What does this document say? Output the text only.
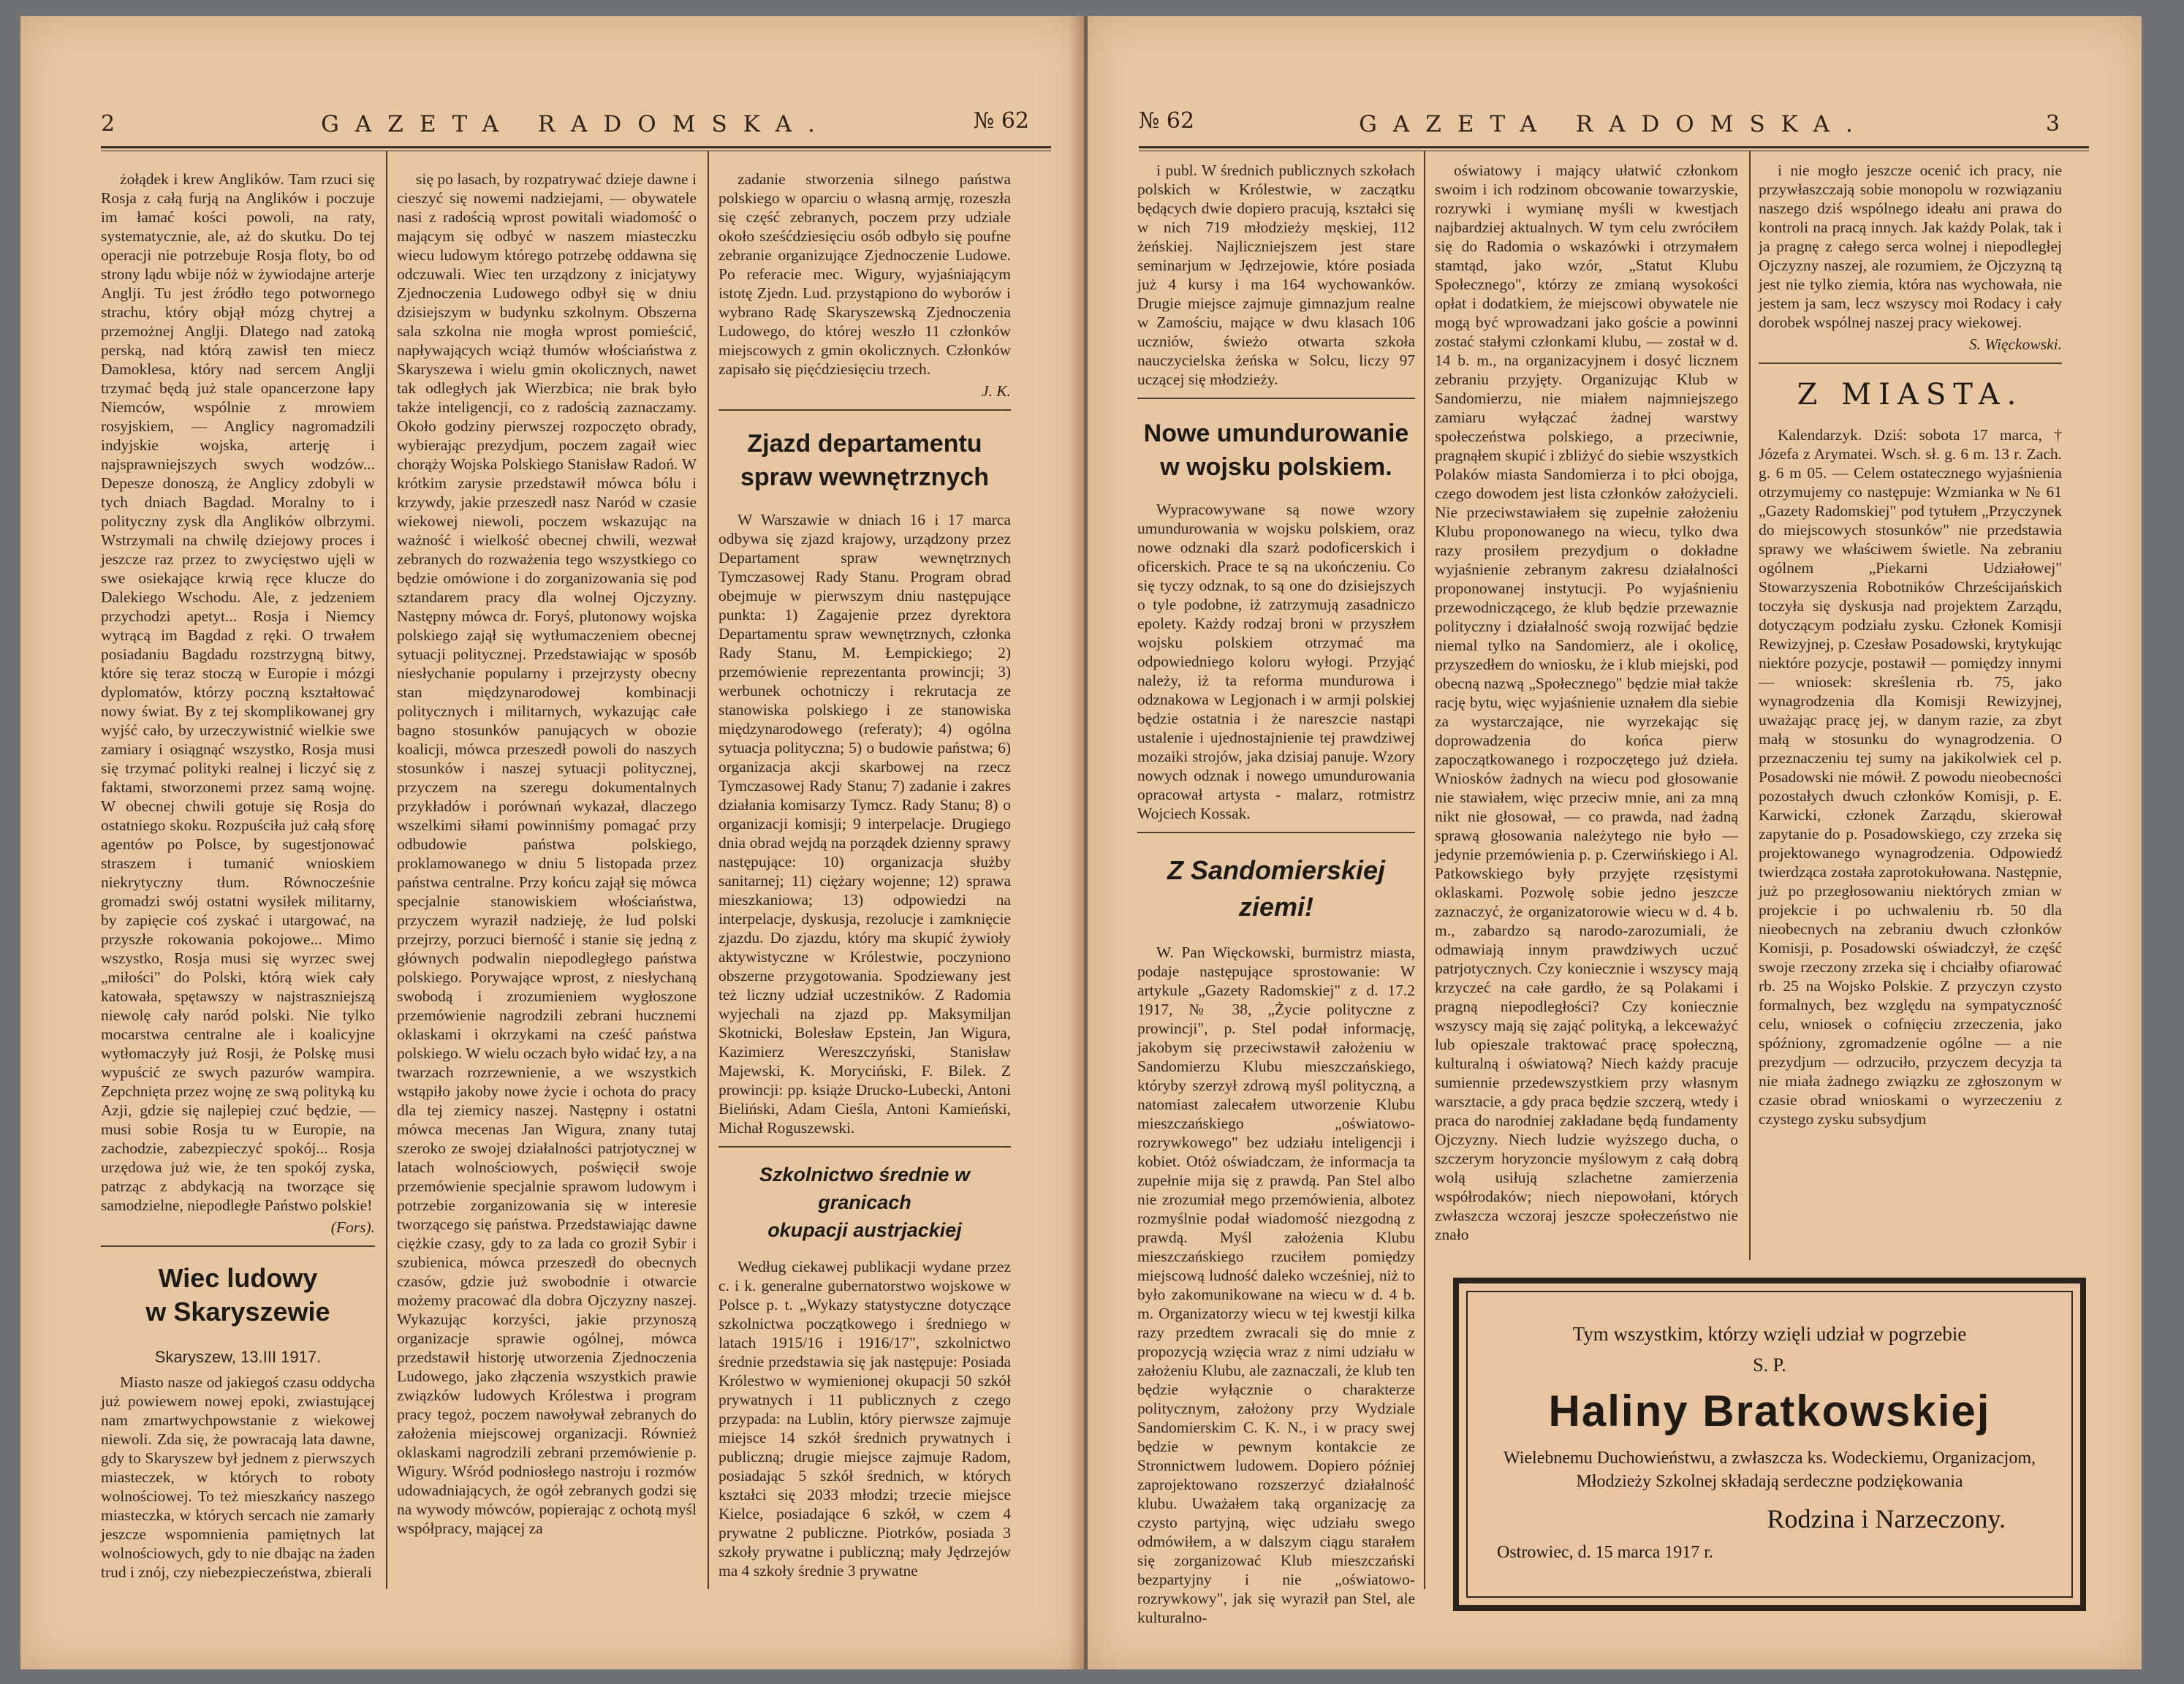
2	GAZETA RADOMSKA.	№ 62

żołądek i krew Anglików. Tam rzuci się Rosja z całą furją na Anglików i poczuje im łamać kości powoli, na raty, systematycznie, ale, aż do skutku. Do tej operacji nie potrzebuje Rosja floty, bo od strony lądu wbije nóż w żywiodajne arterje Anglji. Tu jest źródło tego potwornego strachu, który objął mózg chytrej a przemożnej Anglji. Dlatego nad zatoką perską, nad którą zawisł ten miecz Damoklesa, który nad sercem Anglji trzymać będą już stale opancerzone łapy Niemców, wspólnie z mrowiem rosyjskiem, — Anglicy nagromadzili indyjskie wojska, arterję i najsprawniejszych swych wodzów... Depesze donoszą, że Anglicy zdobyli w tych dniach Bagdad. Moralny to i polityczny zysk dla Anglików olbrzymi. Wstrzymali na chwilę dziejowy proces i jeszcze raz przez to zwycięstwo ujęli w swe osiekające krwią ręce klucze do Dalekiego Wschodu. Ale, z jedzeniem przychodzi apetyt... Rosja i Niemcy wytrącą im Bagdad z ręki. O trwałem posiadaniu Bagdadu rozstrzygną bitwy, które się teraz stoczą w Europie i mózgi dyplomatów, którzy poczną kształtować nowy świat. By z tej skomplikowanej gry wyjść cało, by urzeczywistnić wielkie swe zamiary i osiągnąć wszystko, Rosja musi się trzymać polityki realnej i liczyć się z faktami, stworzonemi przez samą wojnę. W obecnej chwili gotuje się Rosja do ostatniego skoku. Rozpuściła już całą sforę agentów po Polsce, by sugestjonować straszem i tumanić wnioskiem niekrytyczny tłum. Równocześnie gromadzi swój ostatni wysiłek militarny, by zapięcie coś zyskać i utargować, na przyszłe rokowania pokojowe... Mimo wszystko, Rosja musi się wyrzec swej „miłości" do Polski, którą wiek cały katowała, spętawszy w najstraszniejszą niewolę cały naród polski. Nie tylko mocarstwa centralne ale i koalicyjne wytłomaczyły już Rosji, że Polskę musi wypuścić ze swych pazurów wampira. Zepchnięta przez wojnę ze swą polityką ku Azji, gdzie się najlepiej czuć będzie, — musi sobie Rosja tu w Europie, na zachodzie, zabezpieczyć spokój... Rosja urzędowa już wie, że ten spokój zyska, patrząc z abdykacją na tworzące się samodzielne, niepodległe Państwo polskie!

(Fors).
Wiec ludowy
w Skaryszewie
Skaryszew, 13.III 1917.

Miasto nasze od jakiegoś czasu oddycha już powiewem nowej epoki, zwiastującej nam zmartwychpowstanie z wiekowej niewoli. Zda się, że powracają lata dawne, gdy to Skaryszew był jednem z pierwszych miasteczek, w których to roboty wolnościowej. To też mieszkańcy naszego miasteczka, w których sercach nie zamarły jeszcze wspomnienia pamiętnych lat wolnościowych, gdy to nie dbając na żaden trud i znój, czy niebezpieczeństwa, zbierali

się po lasach, by rozpatrywać dzieje dawne i cieszyć się nowemi nadziejami, — obywatele nasi z radością wprost powitali wiadomość o mającym się odbyć w naszem miasteczku wiecu ludowym którego potrzebę oddawna się odczuwali. Wiec ten urządzony z inicjatywy Zjednoczenia Ludowego odbył się w dniu dzisiejszym w budynku szkolnym. Obszerna sala szkolna nie mogła wprost pomieścić, napływających wciąż tłumów włościaństwa z Skaryszewa i wielu gmin okolicznych, nawet tak odległych jak Wierzbica; nie brak było także inteligencji, co z radością zaznaczamy. Około godziny pierwszej rozpoczęto obrady, wybierając prezydjum, poczem zagaił wiec chorąży Wojska Polskiego Stanisław Radoń. W krótkim zarysie przedstawił mówca bólu i krzywdy, jakie przeszedł nasz Naród w czasie wiekowej niewoli, poczem wskazując na ważność i wielkość obecnej chwili, wezwał zebranych do rozważenia tego wszystkiego co będzie omówione i do zorganizowania się pod sztandarem pracy dla wolnej Ojczyzny. Następny mówca dr. Foryś, plutonowy wojska polskiego zajął się wytłumaczeniem obecnej sytuacji politycznej. Przedstawiając w sposób niesłychanie popularny i przejrzysty obecny stan międzynarodowej kombinacji politycznych i militarnych, wykazując całe bagno stosunków panujących w obozie koalicji, mówca przeszedł powoli do naszych stosunków i naszej sytuacji politycznej, przyczem na szeregu dokumentalnych przykładów i porównań wykazał, dlaczego wszelkimi siłami powinniśmy pomagać przy odbudowie państwa polskiego, proklamowanego w dniu 5 listopada przez państwa centralne. Przy końcu zajął się mówca specjalnie stanowiskiem włościaństwa, przyczem wyraził nadzieję, że lud polski przejrzy, porzuci bierność i stanie się jedną z głównych podwalin niepodległego państwa polskiego. Porywające wprost, z niesłychaną swobodą i zrozumieniem wygłoszone przemówienie nagrodzili zebrani hucznemi oklaskami i okrzykami na cześć państwa polskiego. W wielu oczach było widać łzy, a na twarzach rozrzewnienie, a we wszystkich wstąpiło jakoby nowe życie i ochota do pracy dla tej ziemicy naszej. Następny i ostatni mówca mecenas Jan Wigura, znany tutaj szeroko ze swojej działalności patrjotycznej w latach wolnościowych, poświęcił swoje przemówienie specjalnie sprawom ludowym i potrzebie zorganizowania się w interesie tworzącego się państwa. Przedstawiając dawne ciężkie czasy, gdy to za lada co groził Sybir i szubienica, mówca przeszedł do obecnych czasów, gdzie już swobodnie i otwarcie możemy pracować dla dobra Ojczyzny naszej. Wykazując korzyści, jakie przynoszą organizacje sprawie ogólnej, mówca przedstawił historję utworzenia Zjednoczenia Ludowego, jako złączenia wszystkich prawie związków ludowych Królestwa i program pracy tegoż, poczem nawoływał zebranych do założenia miejscowej organizacji. Również oklaskami nagrodzili zebrani przemówienie p. Wigury. Wśród podniosłego nastroju i rozmów udowadniających, że ogół zebranych godzi się na wywody mówców, popierając z ochotą myśl współpracy, mającej za

zadanie stworzenia silnego państwa polskiego w oparciu o własną armję, rozeszła się część zebranych, poczem przy udziale około sześćdziesięciu osób odbyło się poufne zebranie organizujące Zjednoczenie Ludowe. Po referacie mec. Wigury, wyjaśniającym istotę Zjedn. Lud. przystąpiono do wyborów i wybrano Radę Skaryszewską Zjednoczenia Ludowego, do której weszło 11 członków miejscowych z gmin okolicznych. Członków zapisało się pięćdziesięciu trzech.

J. K.
Zjazd departamentu
spraw wewnętrznych

W Warszawie w dniach 16 i 17 marca odbywa się zjazd krajowy, urządzony przez Departament spraw wewnętrznych Tymczasowej Rady Stanu. Program obrad obejmuje w pierwszym dniu następujące punkta: 1) Zagajenie przez dyrektora Departamentu spraw wewnętrznych, członka Rady Stanu, M. Łempickiego; 2) przemówienie reprezentanta prowincji; 3) werbunek ochotniczy i rekrutacja ze stanowiska polskiego i ze stanowiska międzynarodowego (referaty); 4) ogólna sytuacja polityczna; 5) o budowie państwa; 6) organizacja akcji skarbowej na rzecz Tymczasowej Rady Stanu; 7) zadanie i zakres działania komisarzy Tymcz. Rady Stanu; 8) o organizacji komisji; 9 interpelacje. Drugiego dnia obrad wejdą na porządek dzienny sprawy następujące: 10) organizacja służby sanitarnej; 11) ciężary wojenne; 12) sprawa mieszkaniowa; 13) odpowiedzi na interpelacje, dyskusja, rezolucje i zamknięcie zjazdu. Do zjazdu, który ma skupić żywioły aktywistyczne w Królestwie, poczyniono obszerne przygotowania. Spodziewany jest też liczny udział uczestników. Z Radomia wyjechali na zjazd pp. Maksymiljan Skotnicki, Bolesław Epstein, Jan Wigura, Kazimierz Wereszczyński, Stanisław Majewski, K. Moryciński, F. Bilek. Z prowincji: pp. książe Drucko-Lubecki, Antoni Bieliński, Adam Cieśla, Antoni Kamieński, Michał Roguszewski.

Szkolnictwo średnie w granicach
okupacji austrjackiej

Według ciekawej publikacji wydane przez c. i k. generalne gubernatorstwo wojskowe w Polsce p. t. „Wykazy statystyczne dotyczące szkolnictwa początkowego i średniego w latach 1915/16 i 1916/17", szkolnictwo średnie przedstawia się jak następuje: Posiada Królestwo w wymienionej okupacji 50 szkół prywatnych i 11 publicznych z czego przypada: na Lublin, który pierwsze zajmuje miejsce 14 szkół średnich prywatnych i publiczną; drugie miejsce zajmuje Radom, posiadając 5 szkół średnich, w których kształci się 2033 młodzi; trzecie miejsce Kielce, posiadające 6 szkół, w czem 4 prywatne 2 publiczne. Piotrków, posiada 3 szkoły prywatne i publiczną; mały Jędrzejów ma 4 szkoły średnie 3 prywatne

№ 62	GAZETA RADOMSKA.	3

i publ. W średnich publicznych szkołach polskich w Królestwie, w zaczątku będących dwie dopiero pracują, kształci się w nich 719 młodzieży męskiej, 112 żeńskiej. Najliczniejszem jest stare seminarjum w Jędrzejowie, które posiada już 4 kursy i ma 164 wychowanków. Drugie miejsce zajmuje gimnazjum realne w Zamościu, mające w dwu klasach 106 uczniów, świeżo otwarta szkoła nauczycielska żeńska w Solcu, liczy 97 uczącej się młodzieży.

Nowe umundurowanie
w wojsku polskiem.

Wypracowywane są nowe wzory umundurowania w wojsku polskiem, oraz nowe odznaki dla szarż podoficerskich i oficerskich. Prace te są na ukończeniu. Co się tyczy odznak, to są one do dzisiejszych o tyle podobne, iż zatrzymują zasadniczo epolety. Każdy rodzaj broni w przyszłem wojsku polskiem otrzymać ma odpowiedniego koloru wyłogi. Przyjąć należy, iż ta reforma mundurowa i odznakowa w Legjonach i w armji polskiej będzie ostatnia i że nareszcie nastąpi ustalenie i ujednostajnienie tej prawdziwej mozaiki strojów, jaka dzisiaj panuje. Wzory nowych odznak i nowego umundurowania opracował artysta - malarz, rotmistrz Wojciech Kossak.

Z Sandomierskiej ziemi!

W. Pan Więckowski, burmistrz miasta, podaje następujące sprostowanie: W artykule „Gazety Radomskiej" z d. 17.2 1917, № 38, „Życie polityczne z prowincji", p. Stel podał informację, jakobym się przeciwstawił założeniu w Sandomierzu Klubu mieszczańskiego, któryby szerzył zdrową myśl polityczną, a natomiast zalecałem utworzenie Klubu mieszczańskiego „oświatowo-rozrywkowego" bez udziału inteligencji i kobiet. Otóż oświadczam, że informacja ta zupełnie mija się z prawdą. Pan Stel albo nie zrozumiał mego przemówienia, albotez rozmyślnie podał wiadomość niezgodną z prawdą. Myśl założenia Klubu mieszczańskiego rzuciłem pomiędzy miejscową ludność daleko wcześniej, niż to było zakomunikowane na wiecu w d. 4 b. m. Organizatorzy wiecu w tej kwestji kilka razy przedtem zwracali się do mnie z propozycją wzięcia wraz z nimi udziału w założeniu Klubu, ale zaznaczali, że klub ten będzie wyłącznie o charakterze politycznym, założony przy Wydziale Sandomierskim C. K. N., i w pracy swej będzie w pewnym kontakcie ze Stronnictwem ludowem. Dopiero później zaprojektowano rozszerzyć działalność klubu. Uważałem taką organizację za czysto partyjną, więc udziału swego odmówiłem, a w dalszym ciągu starałem się zorganizować Klub mieszczański bezpartyjny i nie „oświatowo-rozrywkowy", jak się wyraził pan Stel, ale kulturalno-

oświatowy i mający ułatwić członkom swoim i ich rodzinom obcowanie towarzyskie, rozrywki i wymianę myśli w kwestjach najbardziej aktualnych. W tym celu zwróciłem się do Radomia o wskazówki i otrzymałem stamtąd, jako wzór, „Statut Klubu Społecznego", którzy ze zmianą wysokości opłat i dodatkiem, że miejscowi obywatele nie mogą być wprowadzani jako goście a powinni zostać stałymi członkami klubu, — został w d. 14 b. m., na organizacyjnem i dosyć licznem zebraniu przyjęty. Organizując Klub w Sandomierzu, nie miałem najmniejszego zamiaru wyłączać żadnej warstwy społeczeństwa polskiego, a przeciwnie, pragnąłem skupić i zbliżyć do siebie wszystkich Polaków miasta Sandomierza i to płci obojga, czego dowodem jest lista członków założycieli. Nie przeciwstawiałem się zupełnie założeniu Klubu proponowanego na wiecu, tylko dwa razy prosiłem prezydjum o dokładne wyjaśnienie zebranym zakresu działalności proponowanej instytucji. Po wyjaśnieniu przewodniczącego, że klub będzie przewaznie polityczny i działalność swoją rozwijać będzie niemal tylko na Sandomierz, ale i okolicę, przyszedłem do wniosku, że i klub miejski, pod obecną nazwą „Społecznego" będzie miał także rację bytu, więc wyjaśnienie uznałem dla siebie za wystarczające, nie wyrzekając się doprowadzenia do końca pierw zapoczątkowanego i rozpoczętego już dzieła. Wniosków żadnych na wiecu pod głosowanie nie stawiałem, więc przeciw mnie, ani za mną nikt nie głosował, — co prawda, nad żadną sprawą głosowania należytego nie było — jedynie przemówienia p. p. Czerwińskiego i Al. Patkowskiego były przyjęte rzęsistymi oklaskami. Pozwolę sobie jedno jeszcze zaznaczyć, że organizatorowie wiecu w d. 4 b. m., zabardzo są narodo-zarozumiali, że odmawiają innym prawdziwych uczuć patrjotycznych. Czy koniecznie i wszyscy mają krzyczeć na całe gardło, że są Polakami i pragną niepodległości? Czy koniecznie wszyscy mają się zająć polityką, a lekceważyć lub opieszale traktować pracę społeczną, kulturalną i oświatową? Niech każdy pracuje sumiennie przedewszystkiem przy własnym warsztacie, a gdy praca będzie szczerą, wtedy i praca do narodniej zakładane będą fundamenty Ojczyzny. Niech ludzie wyższego ducha, o szczerym horyzoncie myślowym z całą dobrą wolą usiłują szlachetne zamierzenia współrodaków; niech niepowołani, których zwłaszcza wczoraj jeszcze społeczeństwo nie znało

i nie mogło jeszcze ocenić ich pracy, nie przywłaszczają sobie monopolu w rozwiązaniu naszego dziś wspólnego ideału ani prawa do kontroli na pracą innych. Jak każdy Polak, tak i ja pragnę z całego serca wolnej i niepodległej Ojczyzny naszej, ale rozumiem, że Ojczyzną tą jest nie tylko ziemia, która nas wychowała, nie jestem ja sam, lecz wszyscy moi Rodacy i cały dorobek wspólnej naszej pracy wiekowej.

S. Więckowski.
Z MIASTA.

Kalendarzyk. Dziś: sobota 17 marca, † Józefa z Arymatei. Wsch. sł. g. 6 m. 13 r. Zach. g. 6 m 05. — Celem ostatecznego wyjaśnienia otrzymujemy co następuje: Wzmianka w № 61 „Gazety Radomskiej" pod tytułem „Przyczynek do miejscowych stosunków" nie przedstawia sprawy we właściwem świetle. Na zebraniu ogólnem „Piekarni Udziałowej" Stowarzyszenia Robotników Chrześcijańskich toczyła się dyskusja nad projektem Zarządu, dotyczącym podziału zysku. Członek Komisji Rewizyjnej, p. Czesław Posadowski, krytykując niektóre pozycje, postawił — pomiędzy innymi — wniosek: skreślenia rb. 75, jako wynagrodzenia dla Komisji Rewizyjnej, uważając pracę jej, w danym razie, za zbyt małą w stosunku do wynagrodzenia. O przeznaczeniu tej sumy na jakikolwiek cel p. Posadowski nie mówił. Z powodu nieobecności pozostałych dwuch członków Komisji, p. E. Karwicki, członek Zarządu, skierował zapytanie do p. Posadowskiego, czy zrzeka się projektowanego wynagrodzenia. Odpowiedź twierdząca została zaprotokułowana. Następnie, już po przegłosowaniu niektórych zmian w projekcie i po uchwaleniu rb. 50 dla nieobecnych na zebraniu dwuch członków Komisji, p. Posadowski oświadczył, że część swoje rzeczony zrzeka się i chciałby ofiarować rb. 25 na Wojsko Polskie. Z przyczyn czysto formalnych, bez względu na sympatyczność celu, wniosek o cofnięciu zrzeczenia, jako spóźniony, zgromadzenie ogólne — a nie prezydjum — odrzuciło, przyczem decyzja ta nie miała żadnego związku ze zgłoszonym w czasie obrad wnioskami o wyrzeczeniu z czystego zysku subsydjum

Tym wszystkim, którzy wzięli udział w pogrzebie
S. P.
Haliny Bratkowskiej
Wielebnemu Duchowieństwu, a zwłaszcza ks. Wodeckiemu, Organizacjom, Młodzieży Szkolnej składają serdeczne podziękowania
Rodzina i Narzeczony.
Ostrowiec, d. 15 marca 1917 r.
